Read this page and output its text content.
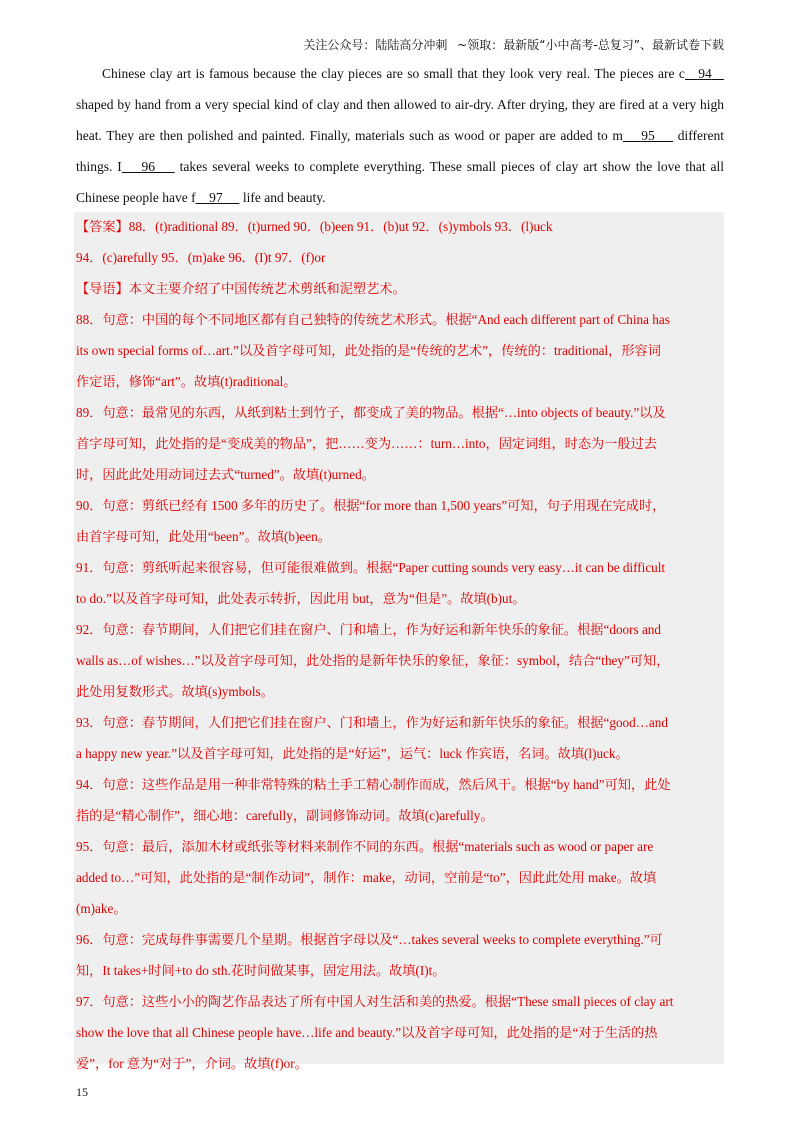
关注公众号：陆陆高分冲刺 ~领取：最新版“小中高考-总复习”、最新试卷下载

Chinese clay art is famous because the clay pieces are so small that they look very real. The pieces are c 94    shaped by hand from a very special kind of clay and then allowed to air-dry. After drying, they are fired at a very high heat. They are then polished and painted. Finally, materials such as wood or paper are added to m 95 different things. I 96 takes several weeks to complete everything. These small pieces of clay art show the love that all Chinese people have f 97 life and beauty.

【答案】88．(t)raditional 89．(t)urned 90．(b)een 91．(b)ut 92．(s)ymbols 93．(l)uck
94．(c)arefully 95．(m)ake 96．(I)t 97．(f)or
【导语】本文主要介绍了中国传统艺术剪纸和泥塑艺术。
88．句意：中国的每个不同地区都有自己独特的传统艺术形式。根据“And each different part of China has
its own special forms of…art.”以及首字母可知，此处指的是“传统的艺术”，传统的：traditional，形容词
作定语，修饰“art”。故填(t)raditional。
89．句意：最常见的东西，从纸到粘土到竹子，都变成了美的物品。根据“…into objects of beauty.”以及
首字母可知，此处指的是“变成美的物品”，把……变为……：turn…into，固定词组，时态为一般过去
时，因此此处用动词过去式“turned”。故填(t)urned。
90．句意：剪纸已经有 1500 多年的历史了。根据“for more than 1,500 years”可知，句子用现在完成时，
由首字母可知，此处用“been”。故填(b)een。
91．句意：剪纸听起来很容易，但可能很难做到。根据“Paper cutting sounds very easy…it can be difficult
to do.”以及首字母可知，此处表示转折，因此用 but，意为“但是”。故填(b)ut。
92．句意：春节期间，人们把它们挂在窗户、门和墙上，作为好运和新年快乐的象征。根据“doors and
walls as…of wishes…”以及首字母可知，此处指的是新年快乐的象征，象征：symbol，结合“they”可知，
此处用复数形式。故填(s)ymbols。
93．句意：春节期间，人们把它们挂在窗户、门和墙上，作为好运和新年快乐的象征。根据“good…and
a happy new year.”以及首字母可知，此处指的是“好运”，运气：luck 作宾语，名词。故填(l)uck。
94．句意：这些作品是用一种非常特殊的粘土手工精心制作而成，然后风干。根据“by hand”可知，此处
指的是“精心制作”，细心地：carefully，副词修饰动词。故填(c)arefully。
95．句意：最后，添加木材或纸张等材料来制作不同的东西。根据“materials such as wood or paper are
added to…”可知，此处指的是“制作动词”，制作：make，动词，空前是“to”，因此此处用 make。故填
(m)ake。
96．句意：完成每件事需要几个星期。根据首字母以及“…takes several weeks to complete everything.”可
知，It takes+时间+to do sth.花时间做某事，固定用法。故填(I)t。
97．句意：这些小小的陶艺作品表达了所有中国人对生活和美的热爱。根据“These small pieces of clay art
show the love that all Chinese people have…life and beauty.”以及首字母可知，此处指的是“对于生活的热
爱”，for 意为“对于”，介词。故填(f)or。
15
